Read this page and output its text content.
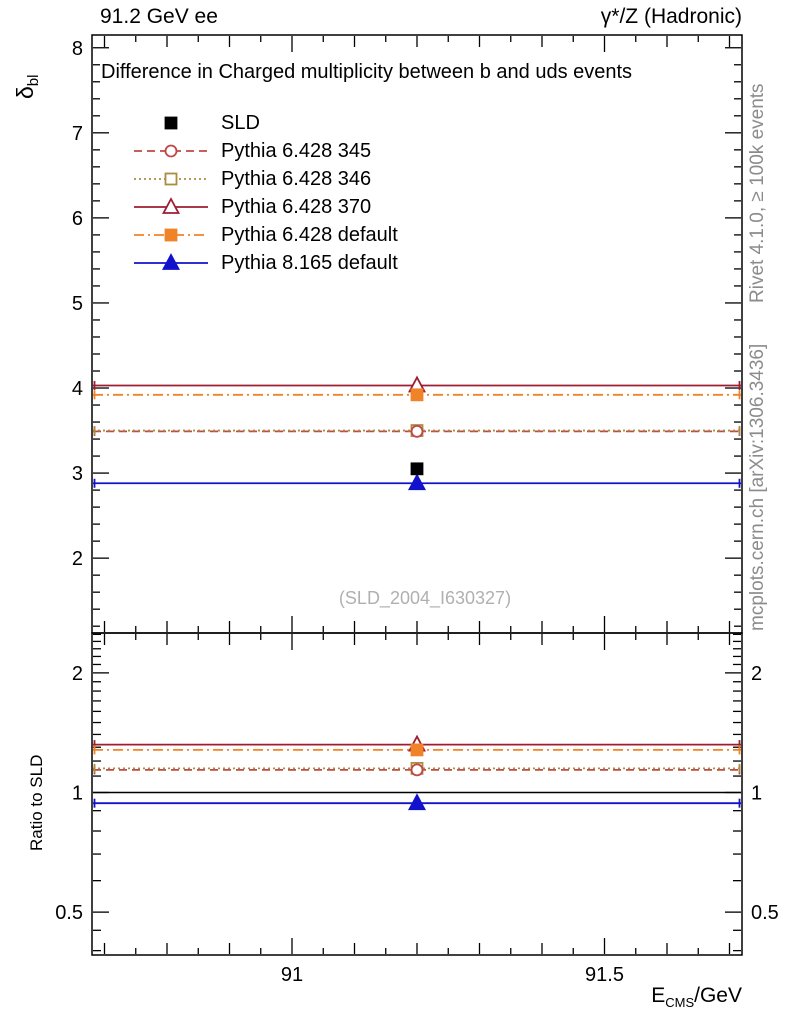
91	91.5
2
3
4
5
6
7
8
0.5	0.5
1	1
2	2
91.2 GeV ee	γ*/Z (Hadronic)
$\delta_{bl}$	Difference in Charged multiplicity between b and uds events
SLD
Pythia 6.428 345
Pythia 6.428 346
Pythia 6.428 370
Pythia 6.428 default
Pythia 8.165 default
(SLD_2004_I630327)
Rivet 4.1.0, ≥ 100k events
mcplots.cern.ch [arXiv:1306.3436]
Ratio to SLD
$E_{CMS}$/GeV
